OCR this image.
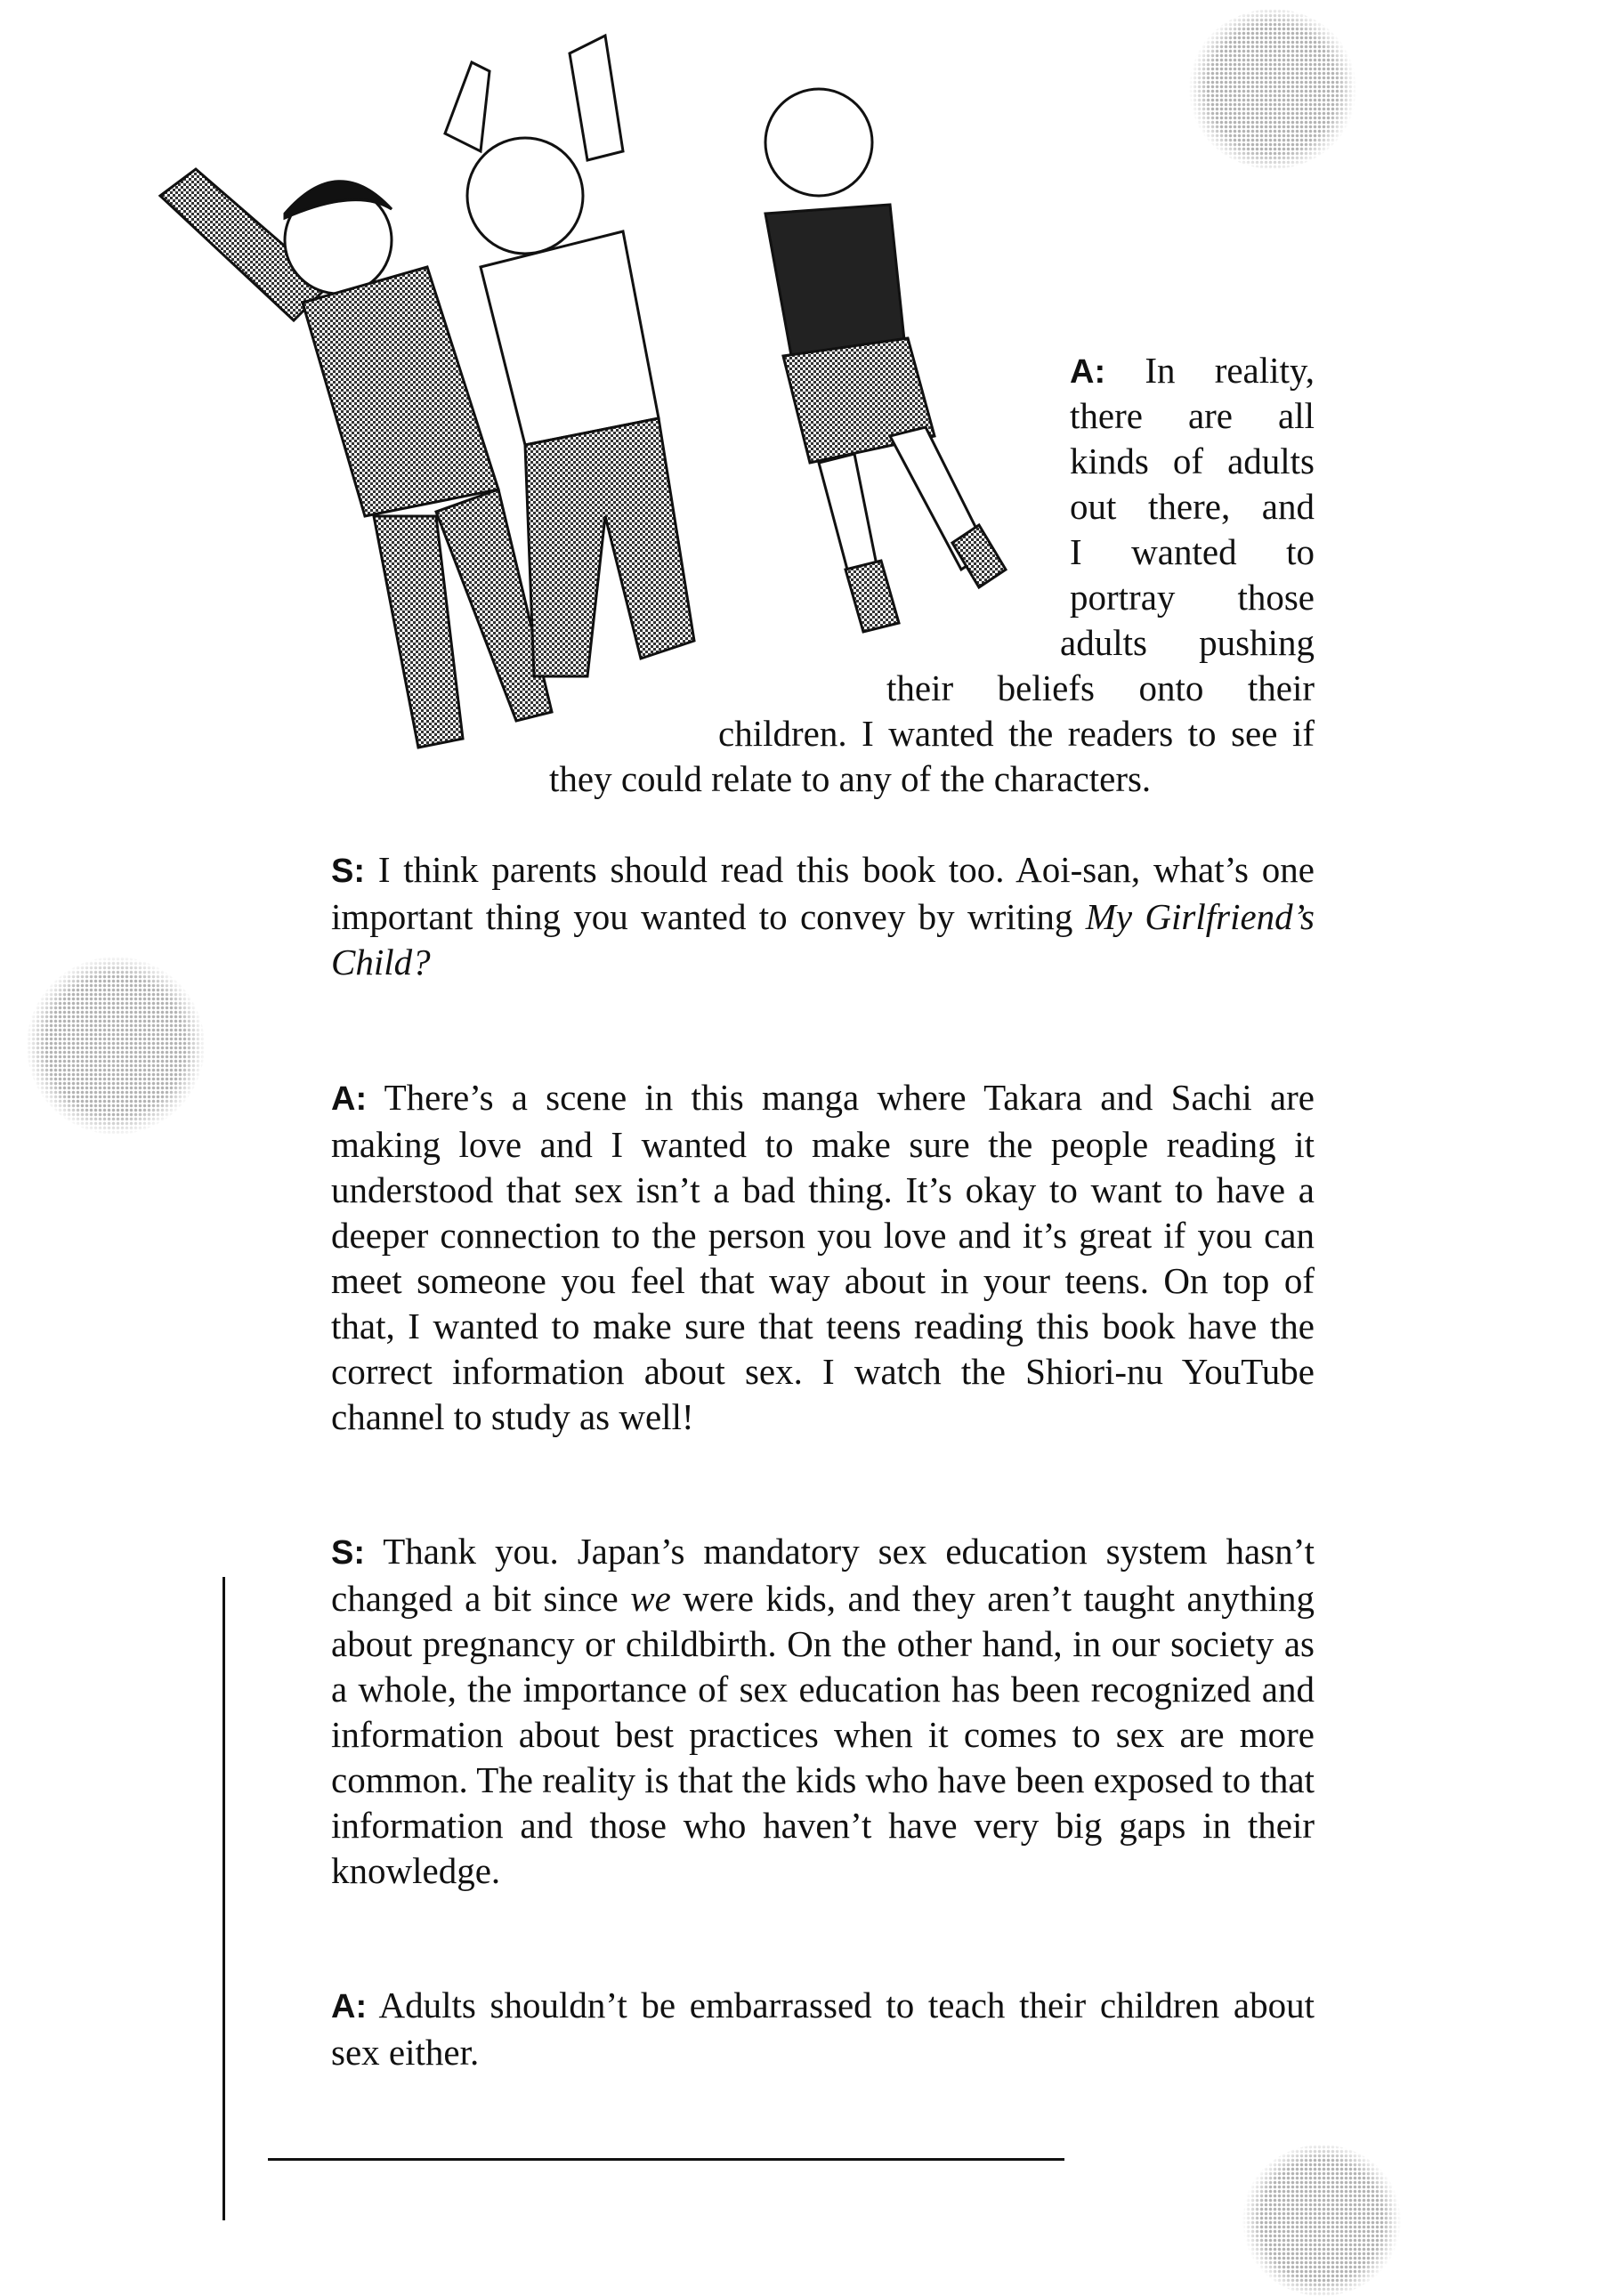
A: In reality,
there are all
kinds of adults
out there, and
I wanted to
portray those
adults pushing
their beliefs onto their
children. I wanted the readers to see if
they could relate to any of the characters.
S: I think parents should read this book too. Aoi-san, what’s one important thing you wanted to convey by writing My Girlfriend’s Child?
A: There’s a scene in this manga where Takara and Sachi are making love and I wanted to make sure the people reading it understood that sex isn’t a bad thing. It’s okay to want to have a deeper connection to the person you love and it’s great if you can meet someone you feel that way about in your teens. On top of that, I wanted to make sure that teens reading this book have the correct information about sex. I watch the Shiori-nu YouTube channel to study as well!
S: Thank you. Japan’s mandatory sex education system hasn’t changed a bit since we were kids, and they aren’t taught anything about pregnancy or childbirth. On the other hand, in our society as a whole, the importance of sex education has been recognized and information about best practices when it comes to sex are more common. The reality is that the kids who have been exposed to that information and those who haven’t have very big gaps in their knowledge.
A: Adults shouldn’t be embarrassed to teach their children about sex either.
